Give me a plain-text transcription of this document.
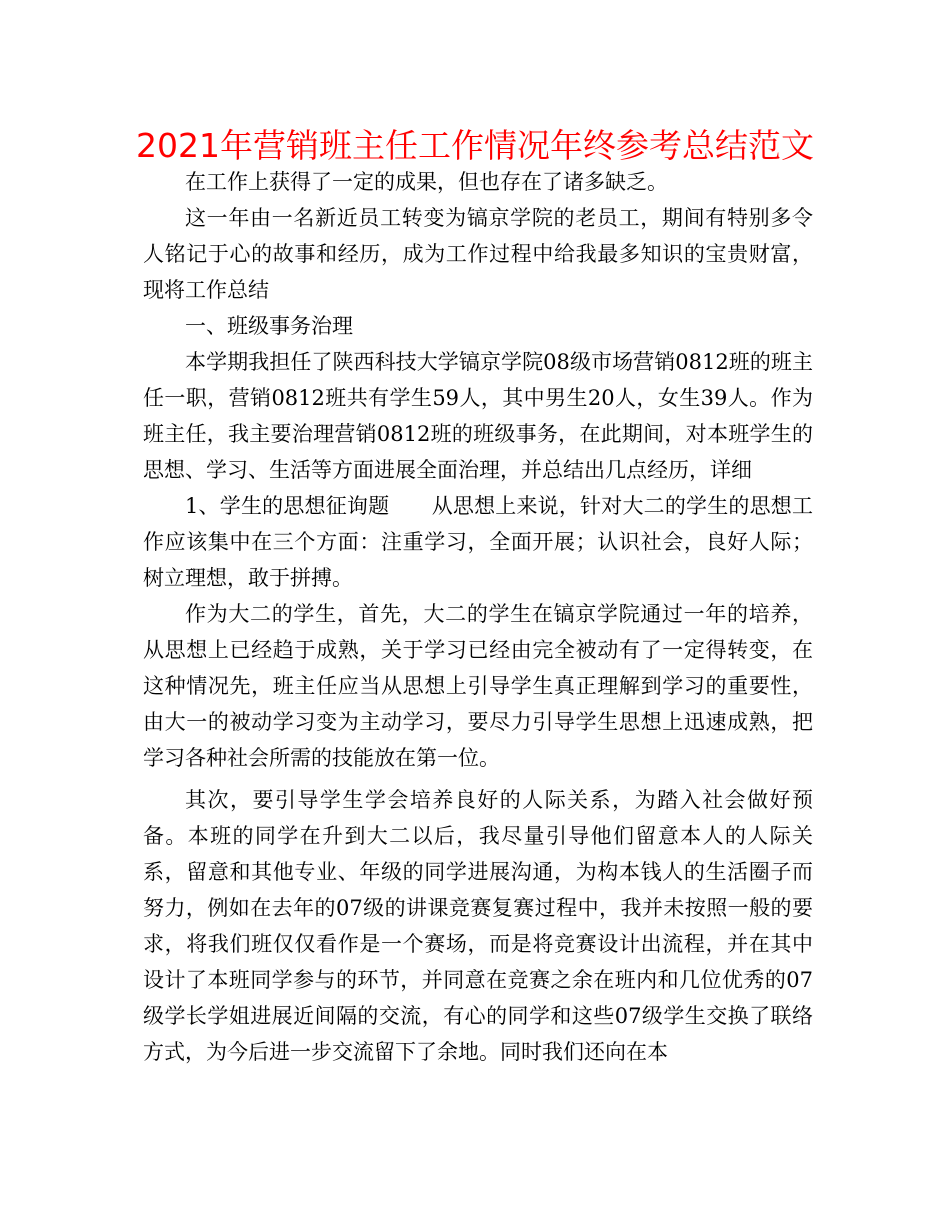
2021年营销班主任工作情况年终参考总结范文

在工作上获得了一定的成果，但也存在了诸多缺乏。

这一年由一名新近员工转变为镐京学院的老员工，期间有特别多令人铭记于心的故事和经历，成为工作过程中给我最多知识的宝贵财富，现将工作总结

一、班级事务治理

本学期我担任了陕西科技大学镐京学院08级市场营销0812班的班主任一职，营销0812班共有学生59人，其中男生20人，女生39人。作为班主任，我主要治理营销0812班的班级事务，在此期间，对本班学生的思想、学习、生活等方面进展全面治理，并总结出几点经历，详细

1、学生的思想征询题　　从思想上来说，针对大二的学生的思想工作应该集中在三个方面：注重学习，全面开展；认识社会，良好人际；树立理想，敢于拼搏。

作为大二的学生，首先，大二的学生在镐京学院通过一年的培养，从思想上已经趋于成熟，关于学习已经由完全被动有了一定得转变，在这种情况先，班主任应当从思想上引导学生真正理解到学习的重要性，由大一的被动学习变为主动学习，要尽力引导学生思想上迅速成熟，把学习各种社会所需的技能放在第一位。

其次，要引导学生学会培养良好的人际关系，为踏入社会做好预备。本班的同学在升到大二以后，我尽量引导他们留意本人的人际关系，留意和其他专业、年级的同学进展沟通，为构本钱人的生活圈子而努力，例如在去年的07级的讲课竞赛复赛过程中，我并未按照一般的要求，将我们班仅仅看作是一个赛场，而是将竞赛设计出流程，并在其中设计了本班同学参与的环节，并同意在竞赛之余在班内和几位优秀的07级学长学姐进展近间隔的交流，有心的同学和这些07级学生交换了联络方式，为今后进一步交流留下了余地。同时我们还向在本
